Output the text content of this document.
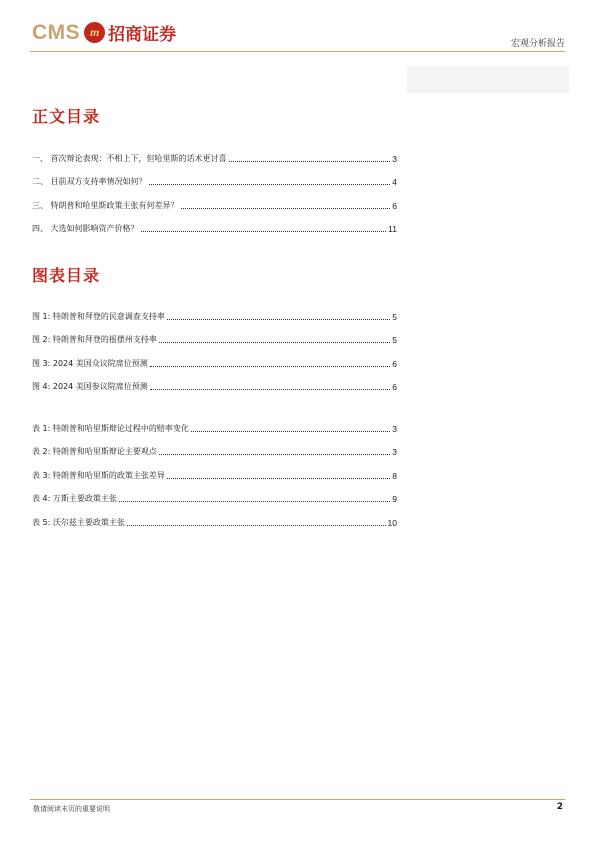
CMS m 招商证券	宏观分析报告
正文目录
一、 首次辩论表现：不相上下，但哈里斯的话术更讨喜	3
二、 目前双方支持率情况如何？	4
三、 特朗普和哈里斯政策主张有何差异？	6
四、 大选如何影响资产价格？	11
图表目录
图 1: 特朗普和拜登的民意调查支持率	5
图 2: 特朗普和拜登的摇摆州支持率	5
图 3: 2024 美国众议院席位预测	6
图 4: 2024 美国参议院席位预测	6
表 1: 特朗普和哈里斯辩论过程中的赔率变化	3
表 2: 特朗普和哈里斯辩论主要观点	3
表 3: 特朗普和哈里斯的政策主张差异	8
表 4: 万斯主要政策主张	9
表 5: 沃尔兹主要政策主张	10
敬请阅读末页的重要说明	2
